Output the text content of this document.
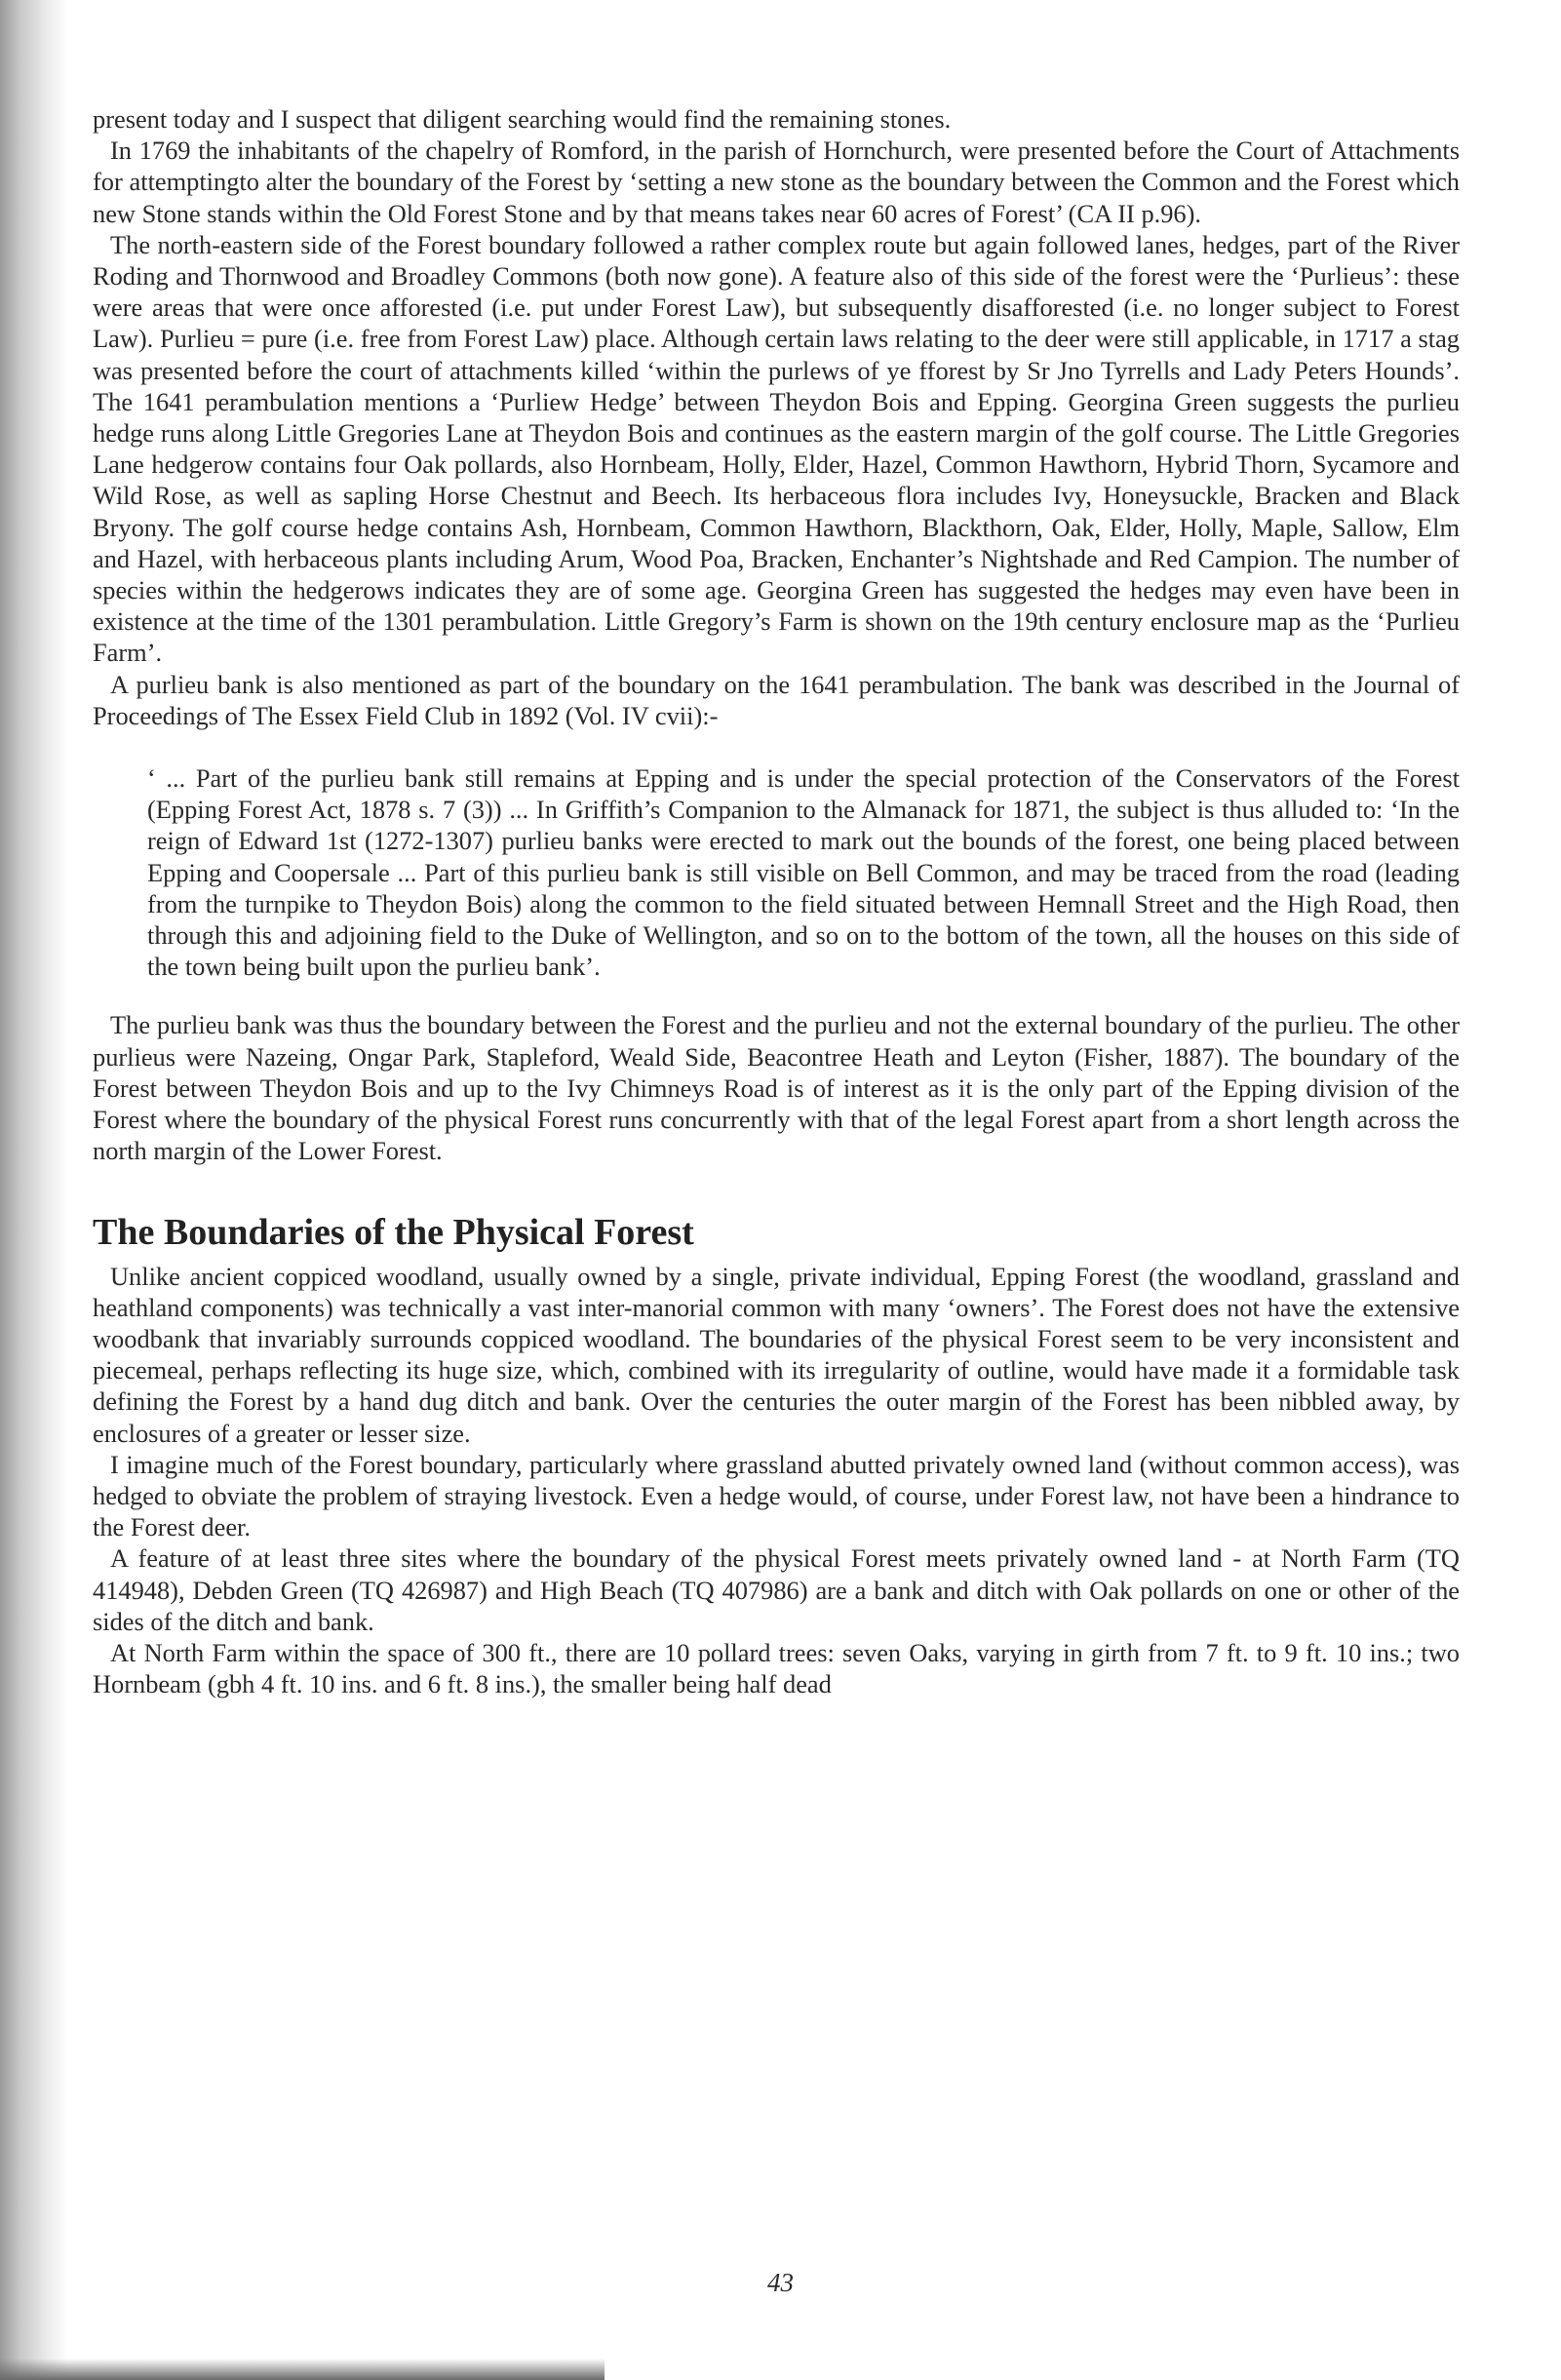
present today and I suspect that diligent searching would find the remaining stones.

In 1769 the inhabitants of the chapelry of Romford, in the parish of Hornchurch, were presented before the Court of Attachments for attemptingto alter the boundary of the Forest by ‘setting a new stone as the boundary between the Common and the Forest which new Stone stands within the Old Forest Stone and by that means takes near 60 acres of Forest’ (CA II p.96).

The north-eastern side of the Forest boundary followed a rather complex route but again followed lanes, hedges, part of the River Roding and Thornwood and Broadley Commons (both now gone). A feature also of this side of the forest were the ‘Purlieus’: these were areas that were once afforested (i.e. put under Forest Law), but subsequently disafforested (i.e. no longer subject to Forest Law). Purlieu = pure (i.e. free from Forest Law) place. Although certain laws relating to the deer were still applicable, in 1717 a stag was presented before the court of attachments killed ‘within the purlews of ye fforest by Sr Jno Tyrrells and Lady Peters Hounds’. The 1641 perambulation mentions a ‘Purliew Hedge’ between Theydon Bois and Epping. Georgina Green suggests the purlieu hedge runs along Little Gregories Lane at Theydon Bois and continues as the eastern margin of the golf course. The Little Gregories Lane hedgerow contains four Oak pollards, also Hornbeam, Holly, Elder, Hazel, Common Hawthorn, Hybrid Thorn, Sycamore and Wild Rose, as well as sapling Horse Chestnut and Beech. Its herbaceous flora includes Ivy, Honeysuckle, Bracken and Black Bryony. The golf course hedge contains Ash, Hornbeam, Common Hawthorn, Blackthorn, Oak, Elder, Holly, Maple, Sallow, Elm and Hazel, with herbaceous plants including Arum, Wood Poa, Bracken, Enchanter’s Nightshade and Red Campion. The number of species within the hedgerows indicates they are of some age. Georgina Green has suggested the hedges may even have been in existence at the time of the 1301 perambulation. Little Gregory’s Farm is shown on the 19th century enclosure map as the ‘Purlieu Farm’.

A purlieu bank is also mentioned as part of the boundary on the 1641 perambulation. The bank was described in the Journal of Proceedings of The Essex Field Club in 1892 (Vol. IV cvii):-

‘ ... Part of the purlieu bank still remains at Epping and is under the special protection of the Conservators of the Forest (Epping Forest Act, 1878 s. 7 (3)) ... In Griffith’s Companion to the Almanack for 1871, the subject is thus alluded to: ‘In the reign of Edward 1st (1272-1307) purlieu banks were erected to mark out the bounds of the forest, one being placed between Epping and Coopersale ... Part of this purlieu bank is still visible on Bell Common, and may be traced from the road (leading from the turnpike to Theydon Bois) along the common to the field situated between Hemnall Street and the High Road, then through this and adjoining field to the Duke of Wellington, and so on to the bottom of the town, all the houses on this side of the town being built upon the purlieu bank’.

The purlieu bank was thus the boundary between the Forest and the purlieu and not the external boundary of the purlieu. The other purlieus were Nazeing, Ongar Park, Stapleford, Weald Side, Beacontree Heath and Leyton (Fisher, 1887). The boundary of the Forest between Theydon Bois and up to the Ivy Chimneys Road is of interest as it is the only part of the Epping division of the Forest where the boundary of the physical Forest runs concurrently with that of the legal Forest apart from a short length across the north margin of the Lower Forest.

The Boundaries of the Physical Forest

Unlike ancient coppiced woodland, usually owned by a single, private individual, Epping Forest (the woodland, grassland and heathland components) was technically a vast inter-manorial common with many ‘owners’. The Forest does not have the extensive woodbank that invariably surrounds coppiced woodland. The boundaries of the physical Forest seem to be very inconsistent and piecemeal, perhaps reflecting its huge size, which, combined with its irregularity of outline, would have made it a formidable task defining the Forest by a hand dug ditch and bank. Over the centuries the outer margin of the Forest has been nibbled away, by enclosures of a greater or lesser size.

I imagine much of the Forest boundary, particularly where grassland abutted privately owned land (without common access), was hedged to obviate the problem of straying livestock. Even a hedge would, of course, under Forest law, not have been a hindrance to the Forest deer.

A feature of at least three sites where the boundary of the physical Forest meets privately owned land - at North Farm (TQ 414948), Debden Green (TQ 426987) and High Beach (TQ 407986) are a bank and ditch with Oak pollards on one or other of the sides of the ditch and bank.

At North Farm within the space of 300 ft., there are 10 pollard trees: seven Oaks, varying in girth from 7 ft. to 9 ft. 10 ins.; two Hornbeam (gbh 4 ft. 10 ins. and 6 ft. 8 ins.), the smaller being half dead

43
